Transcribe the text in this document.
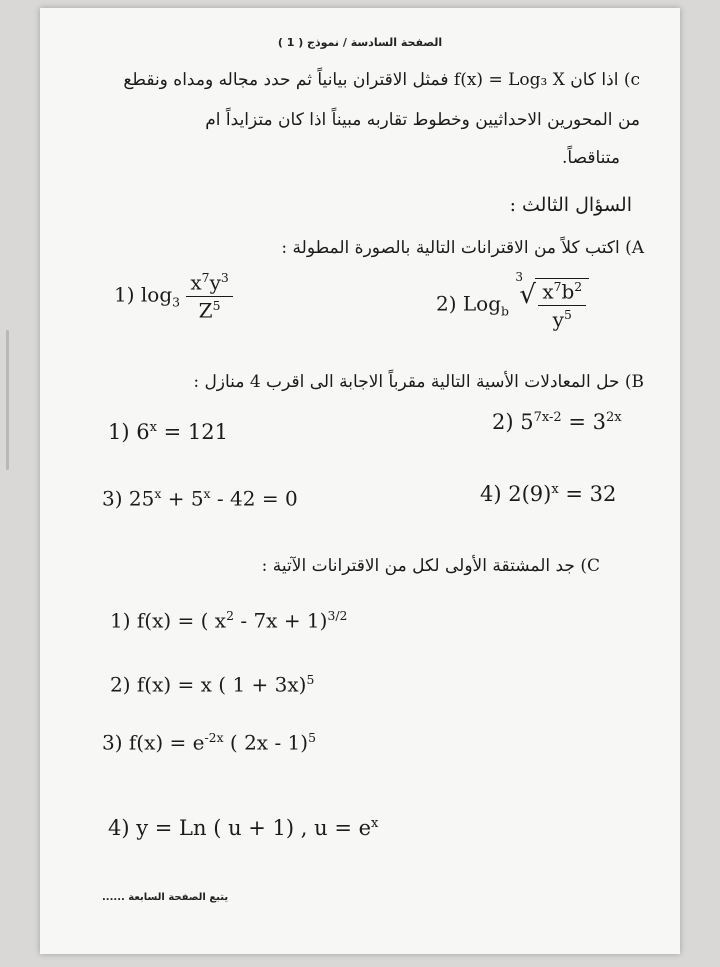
الصفحة السادسة / نموذج ( 1 )
c) اذا كان f(x) = Log₃ X فمثل الاقتران بيانياً ثم حدد مجاله ومداه ونقطع
من المحورين الاحداثيين وخطوط تقاربه مبيناً اذا كان متزايداً ام
متناقصاً.
السؤال الثالث :
A) اكتب كلاً من الاقترانات التالية بالصورة المطولة :
1) $\log_3 \frac{x^7y^3}{Z^5}$	2) Log$_b$
3
√ $\frac{x^7b^2}{y^5}$
B) حل المعادلات الأسية التالية مقرباً الاجابة الى اقرب 4 منازل :
1) $6^x = 121$	2) $5^{7x-2} = 3^{2x}$
3) $25^x + 5^x - 42 = 0$	4) $2(9)^x = 32$
C) جد المشتقة الأولى لكل من الاقترانات الآتية :
1) f(x) = ( $x^2 - 7x + 1)^{3/2}$
2) f(x) = x ( 1 + 3x)$^5$
3) $f(x) = e^{-2x}$ ( 2x - 1)$^5$
4) y = Ln ( u + 1) , $u = e^x$
يتبع الصفحة السابعة ......
